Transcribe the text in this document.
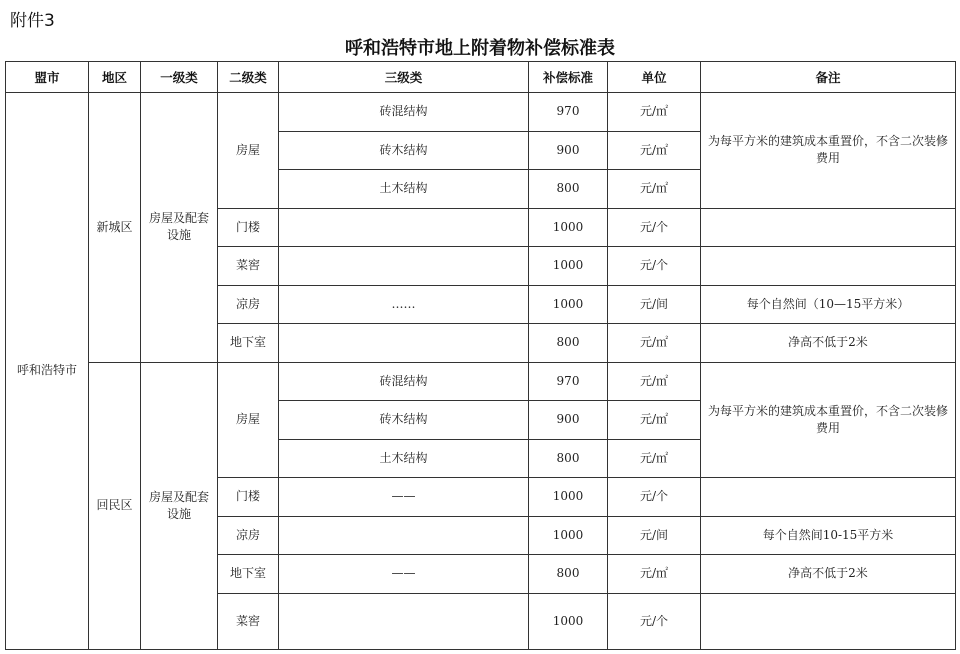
附件3
呼和浩特市地上附着物补偿标准表
盟市	地区	一级类	二级类	三级类	补偿标准	单位	备注
呼和浩特市	新城区	房屋及配套设施	房屋	砖混结构	970	元/㎡	为每平方米的建筑成本重置价，不含二次装修费用
				砖木结构	900	元/㎡	
				土木结构	800	元/㎡	
			门楼		1000	元/个	
			菜窖		1000	元/个	
			凉房	……	1000	元/间	每个自然间（10—15平方米）
			地下室		800	元/㎡	净高不低于2米
	回民区	房屋及配套设施	房屋	砖混结构	970	元/㎡	为每平方米的建筑成本重置价，不含二次装修费用
				砖木结构	900	元/㎡	
				土木结构	800	元/㎡	
			门楼	——	1000	元/个	
			凉房		1000	元/间	每个自然间10-15平方米
			地下室	——	800	元/㎡	净高不低于2米
			菜窖		1000	元/个	
